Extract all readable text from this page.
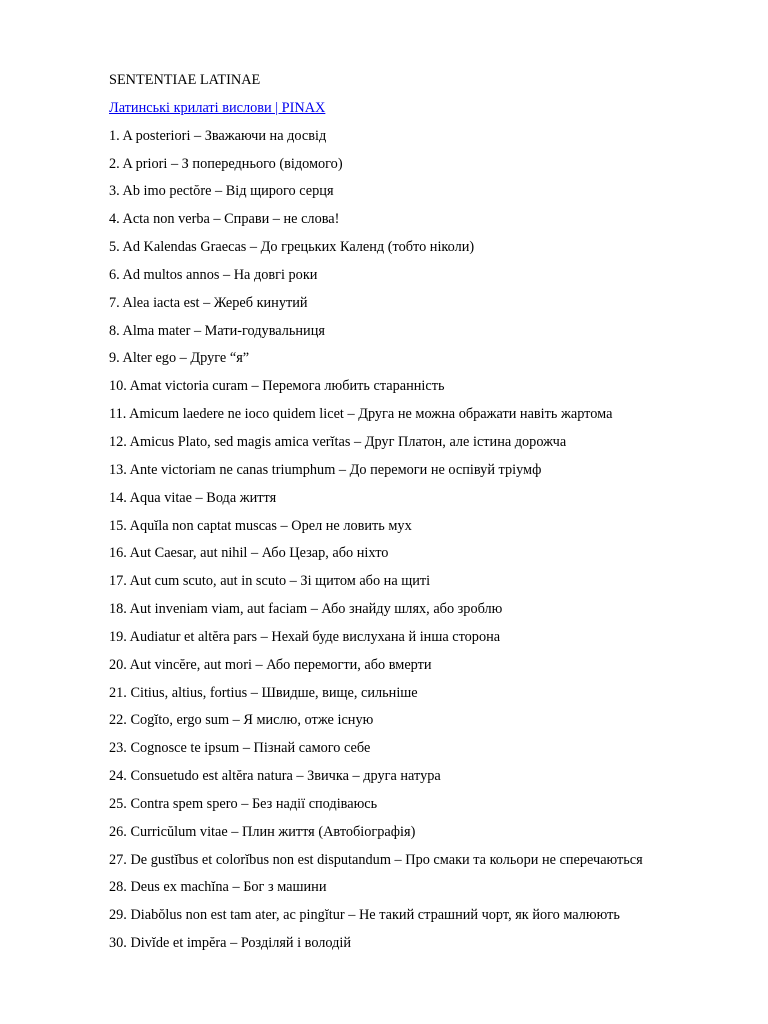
SENTENTIAE LATINAE
Латинські крилаті вислови | PINAX
1. A posteriori – Зважаючи на досвід
2. A priori – З попереднього (відомого)
3. Ab imo pectŏre – Від щирого серця
4. Acta non verba – Справи – не слова!
5. Ad Kalendas Graecas – До грецьких Календ (тобто ніколи)
6. Ad multos annos – На довгі роки
7. Alea iacta est – Жереб кинутий
8. Alma mater – Мати-годувальниця
9. Alter ego – Друге “я”
10. Amat victoria curam – Перемога любить старанність
11. Amicum laedere ne ioco quidem licet – Друга не можна ображати навіть жартома
12. Amicus Plato, sed magis amica verĭtas – Друг Платон, але істина дорожча
13. Ante victoriam ne canas triumphum – До перемоги не оспівуй тріумф
14. Aqua vitae – Вода життя
15. Aquĭla non captat muscas – Орел не ловить мух
16. Aut Caesar, aut nihil – Або Цезар, або ніхто
17. Aut cum scuto, aut in scuto – Зі щитом або на щиті
18. Aut inveniam viam, aut faciam – Або знайду шлях, або зроблю
19. Audiatur et altĕra pars – Нехай буде вислухана й інша сторона
20. Aut vincĕre, aut mori – Або перемогти, або вмерти
21. Citius, altius, fortius – Швидше, вище, сильніше
22. Cogĭto, ergo sum – Я мислю, отже існую
23. Cognosce te ipsum – Пізнай самого себе
24. Consuetudo est altĕra natura – Звичка – друга натура
25. Contra spem spero – Без надії сподіваюсь
26. Curricŭlum vitae – Плин життя (Автобіографія)
27. De gustĭbus et colorĭbus non est disputandum – Про смаки та кольори не сперечаються
28. Deus ex machĭna – Бог з машини
29. Diabŏlus non est tam ater, ac pingĭtur – Не такий страшний чорт, як його малюють
30. Divĭde et impĕra – Розділяй і володій
